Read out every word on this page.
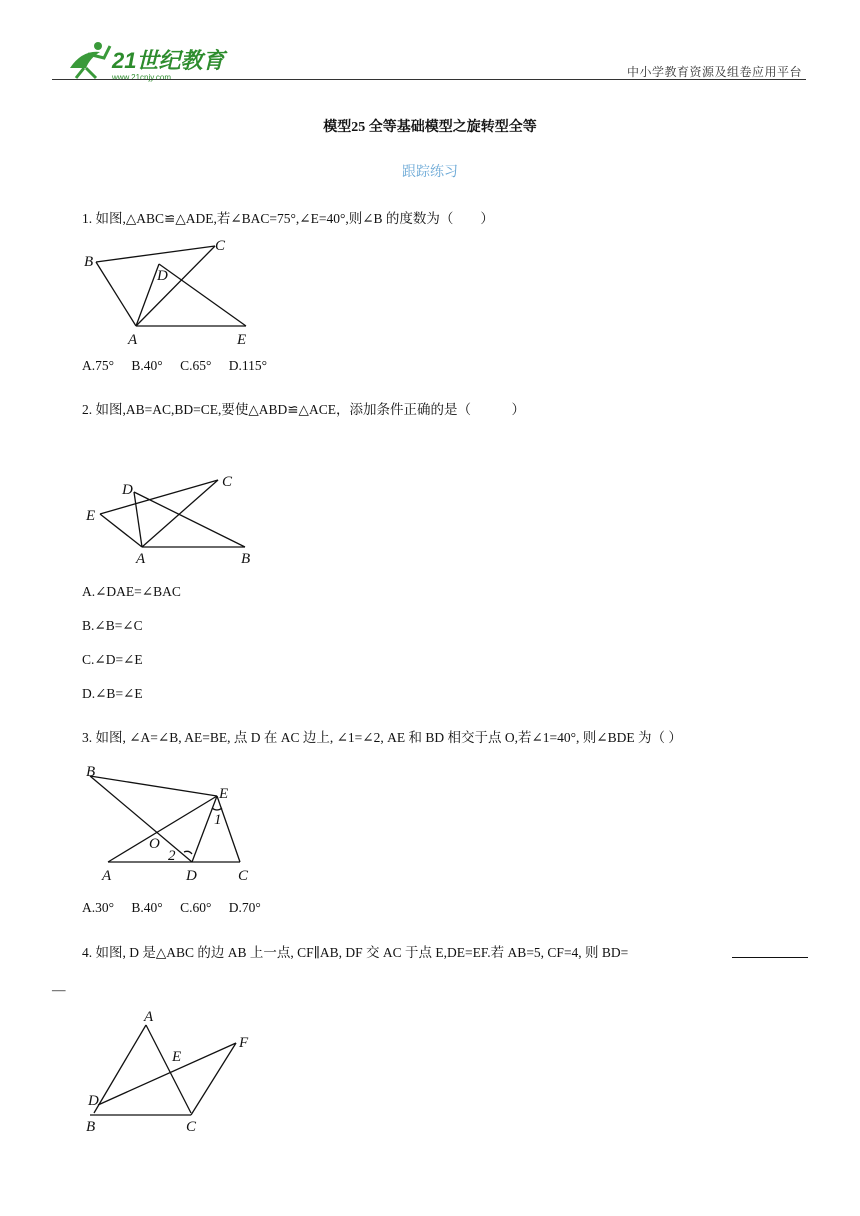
21世纪教育
www.21cnjy.com	中小学教育资源及组卷应用平台
模型25 全等基础模型之旋转型全等
跟踪练习
1. 如图,△ABC≌△ADE,若∠BAC=75°,∠E=40°,则∠B 的度数为（　　）
B
C
D
A	E
A.75° B.40° C.65° D.115°
2. 如图,AB=AC,BD=CE,要使△ABD≌△ACE，添加条件正确的是（　　　）
D	C
E
A	B
A.∠DAE=∠BAC
B.∠B=∠C
C.∠D=∠E
D.∠B=∠E
3. 如图, ∠A=∠B, AE=BE, 点 D 在 AC 边上, ∠1=∠2, AE 和 BD 相交于点 O,若∠1=40°, 则∠BDE 为（ ）
B
E
1
O
2
A	D	C
A.30° B.40° C.60° D.70°
4. 如图, D 是△ABC 的边 AB 上一点, CF∥AB, DF 交 AC 于点 E,DE=EF.若 AB=5, CF=4, 则 BD=
—
A
E
F
D
B	C
